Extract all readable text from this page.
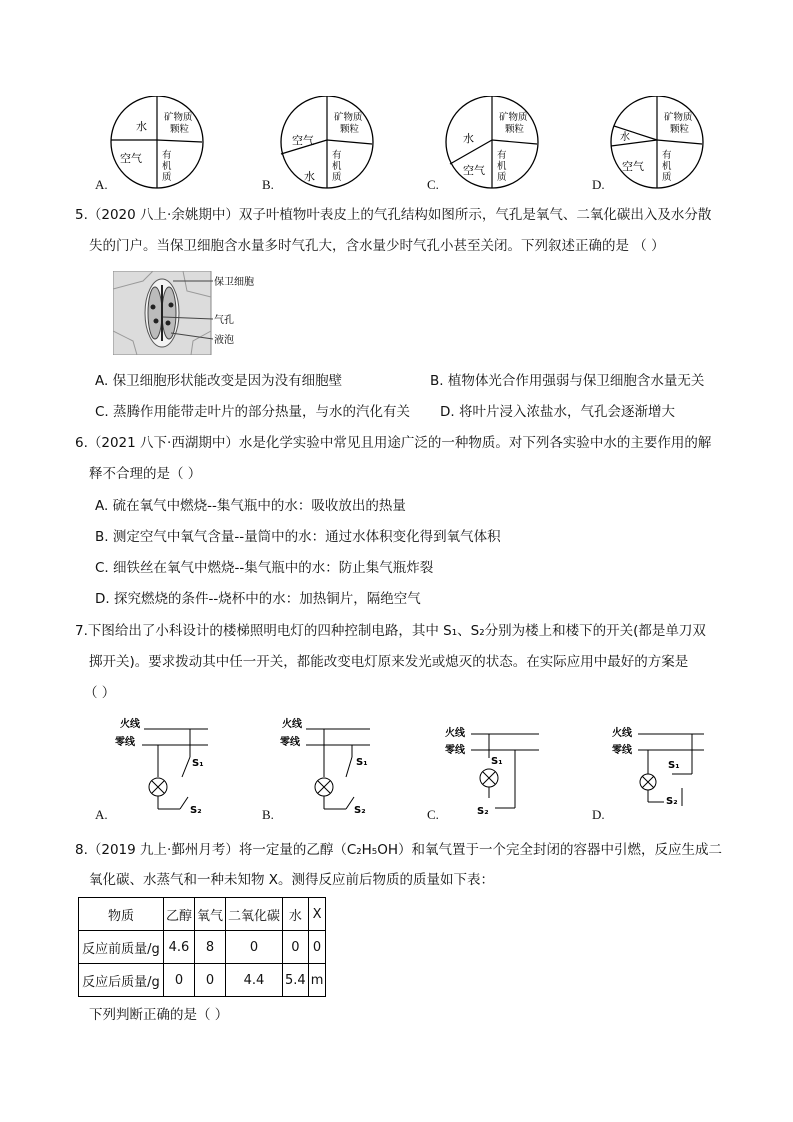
水
空气
矿物质
颗粒
有
机
质
A.
空气
水
矿物质
颗粒
有
机
质
B.
水
空气
矿物质
颗粒
有
机
质
C.
水
空气
矿物质
颗粒
有
机
质
D.
5.（2020 八上·余姚期中）双子叶植物叶表皮上的气孔结构如图所示，气孔是氧气、二氧化碳出入及水分散
失的门户。当保卫细胞含水量多时气孔大，含水量少时气孔小甚至关闭。下列叙述正确的是 （ ）
保卫细胞
气孔
液泡
A. 保卫细胞形状能改变是因为没有细胞壁	B. 植物体光合作用强弱与保卫细胞含水量无关
C. 蒸腾作用能带走叶片的部分热量，与水的汽化有关 D. 将叶片浸入浓盐水，气孔会逐渐增大
6.（2021 八下·西湖期中）水是化学实验中常见且用途广泛的一种物质。对下列各实验中水的主要作用的解
释不合理的是（ ）
A. 硫在氧气中燃烧--集气瓶中的水：吸收放出的热量
B. 测定空气中氧气含量--量筒中的水：通过水体积变化得到氧气体积
C. 细铁丝在氧气中燃烧--集气瓶中的水：防止集气瓶炸裂
D. 探究燃烧的条件--烧杯中的水：加热铜片，隔绝空气
7.下图给出了小科设计的楼梯照明电灯的四种控制电路，其中 S₁、S₂分别为楼上和楼下的开关(都是单刀双
掷开关)。要求拨动其中任一开关，都能改变电灯原来发光或熄灭的状态。在实际应用中最好的方案是
（ ）
火线
零线
S₁
S₂
A.
火线
零线
S₁
S₂
B.
火线
零线
S₁
S₂
C.
火线
零线
S₁
S₂
D.
8.（2019 九上·鄞州月考）将一定量的乙醇（C₂H₅OH）和氧气置于一个完全封闭的容器中引燃，反应生成二
氧化碳、水蒸气和一种未知物 X。测得反应前后物质的质量如下表：
物质	乙醇	氧气	二氧化碳	水	X
反应前质量/g	4.6	8	0	0	0
反应后质量/g	0	0	4.4	5.4	m
下列判断正确的是（ ）
